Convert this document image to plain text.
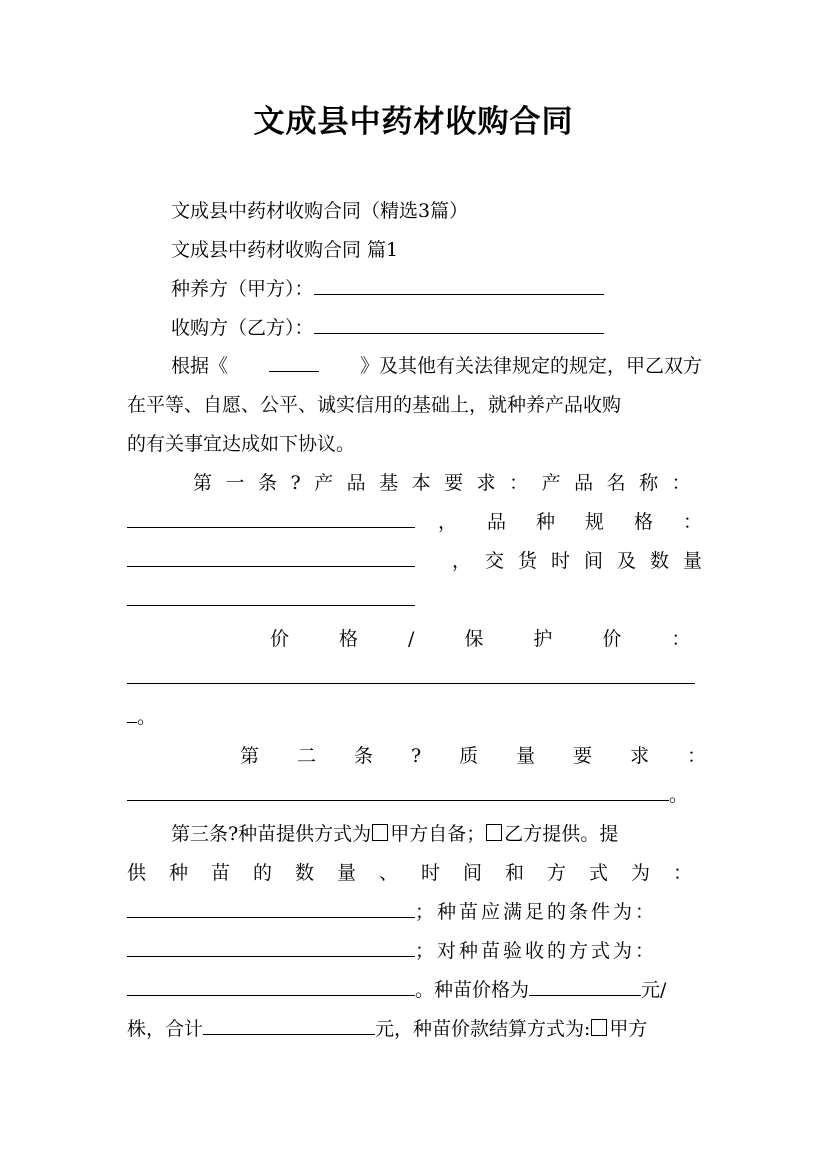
文成县中药材收购合同
文成县中药材收购合同（精选3篇）
文成县中药材收购合同 篇1
种养方（甲方）：
收购方（乙方）：
根据《	》及其他有关法律规定的规定，甲乙双方
在平等、自愿、公平、诚实信用的基础上，就种养产品收购
的有关事宜达成如下协议。
第一条?产品基本要求：产品名称：
，品种规格：
，交货时间及数量
价格/保护价：
。
第二条?质量要求：
。
第三条?种苗提供方式为 甲方自备； 乙方提供。提
供种苗的数量、时间和方式为：
；种苗应满足的条件为：
；对种苗验收的方式为：
。种苗价格为	元/
株，合计	元，种苗价款结算方式为: 甲方
